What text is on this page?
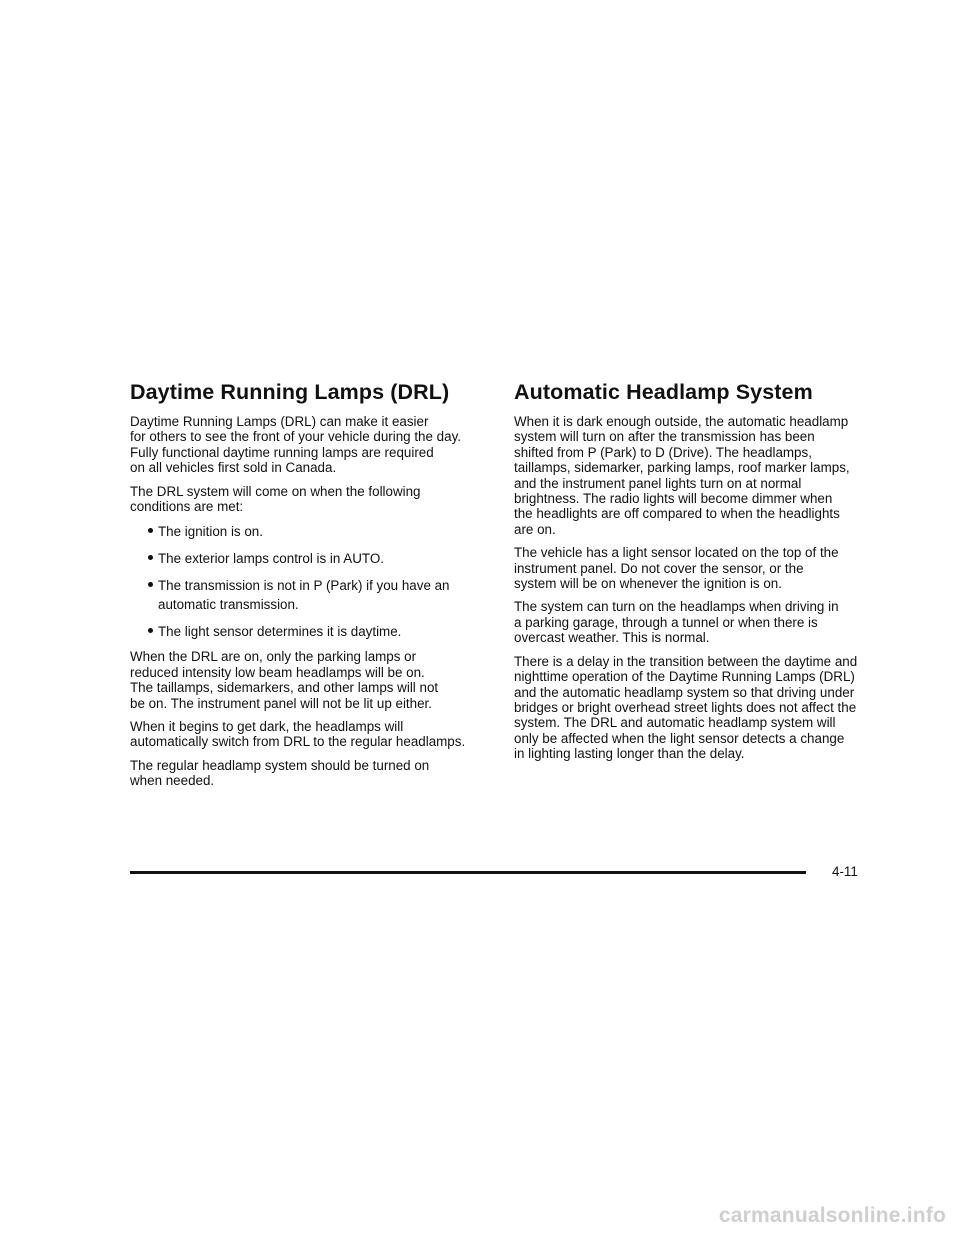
Daytime Running Lamps (DRL)

Daytime Running Lamps (DRL) can make it easier
for others to see the front of your vehicle during the day.
Fully functional daytime running lamps are required
on all vehicles first sold in Canada.

The DRL system will come on when the following
conditions are met:

The ignition is on.
The exterior lamps control is in AUTO.
The transmission is not in P (Park) if you have an
automatic transmission.
The light sensor determines it is daytime.

When the DRL are on, only the parking lamps or
reduced intensity low beam headlamps will be on.
The taillamps, sidemarkers, and other lamps will not
be on. The instrument panel will not be lit up either.

When it begins to get dark, the headlamps will
automatically switch from DRL to the regular headlamps.

The regular headlamp system should be turned on
when needed.

Automatic Headlamp System

When it is dark enough outside, the automatic headlamp
system will turn on after the transmission has been
shifted from P (Park) to D (Drive). The headlamps,
taillamps, sidemarker, parking lamps, roof marker lamps,
and the instrument panel lights turn on at normal
brightness. The radio lights will become dimmer when
the headlights are off compared to when the headlights
are on.

The vehicle has a light sensor located on the top of the
instrument panel. Do not cover the sensor, or the
system will be on whenever the ignition is on.

The system can turn on the headlamps when driving in
a parking garage, through a tunnel or when there is
overcast weather. This is normal.

There is a delay in the transition between the daytime and
nighttime operation of the Daytime Running Lamps (DRL)
and the automatic headlamp system so that driving under
bridges or bright overhead street lights does not affect the
system. The DRL and automatic headlamp system will
only be affected when the light sensor detects a change
in lighting lasting longer than the delay.

4-11
carmanualsonline.info
